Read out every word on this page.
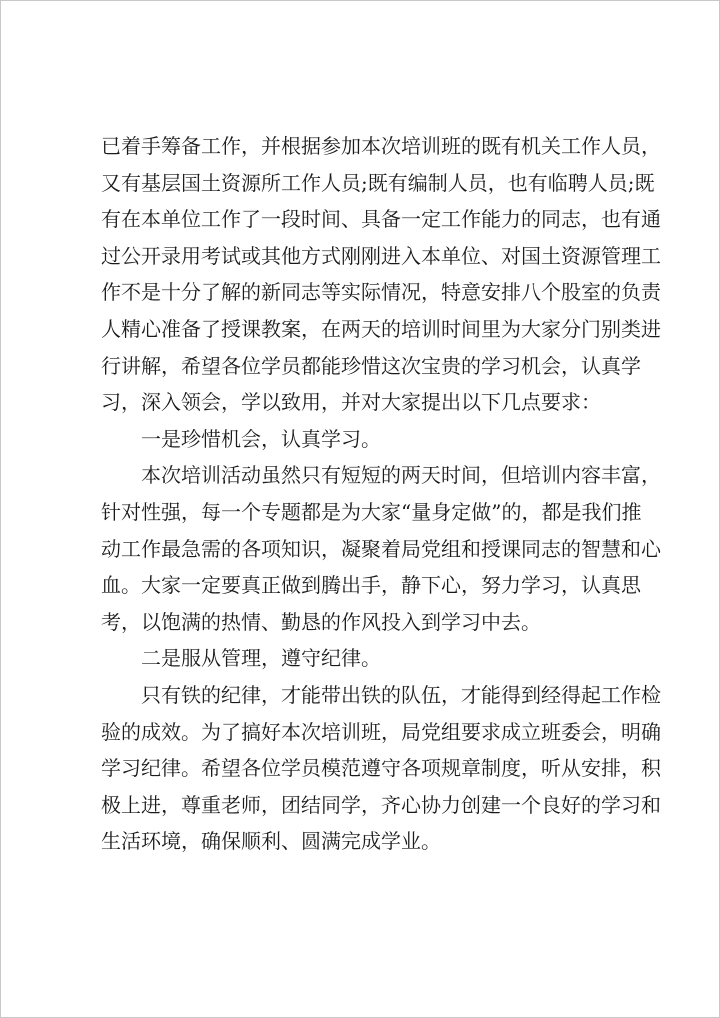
已着手筹备工作，并根据参加本次培训班的既有机关工作人员，
又有基层国土资源所工作人员;既有编制人员，也有临聘人员;既
有在本单位工作了一段时间、具备一定工作能力的同志，也有通
过公开录用考试或其他方式刚刚进入本单位、对国土资源管理工
作不是十分了解的新同志等实际情况，特意安排八个股室的负责
人精心准备了授课教案，在两天的培训时间里为大家分门别类进
行讲解，希望各位学员都能珍惜这次宝贵的学习机会，认真学
习，深入领会，学以致用，并对大家提出以下几点要求：
一是珍惜机会，认真学习。
本次培训活动虽然只有短短的两天时间，但培训内容丰富，
针对性强，每一个专题都是为大家“量身定做”的，都是我们推
动工作最急需的各项知识，凝聚着局党组和授课同志的智慧和心
血。大家一定要真正做到腾出手，静下心，努力学习，认真思
考，以饱满的热情、勤恳的作风投入到学习中去。
二是服从管理，遵守纪律。
只有铁的纪律，才能带出铁的队伍，才能得到经得起工作检
验的成效。为了搞好本次培训班，局党组要求成立班委会，明确
学习纪律。希望各位学员模范遵守各项规章制度，听从安排，积
极上进，尊重老师，团结同学，齐心协力创建一个良好的学习和
生活环境，确保顺利、圆满完成学业。
